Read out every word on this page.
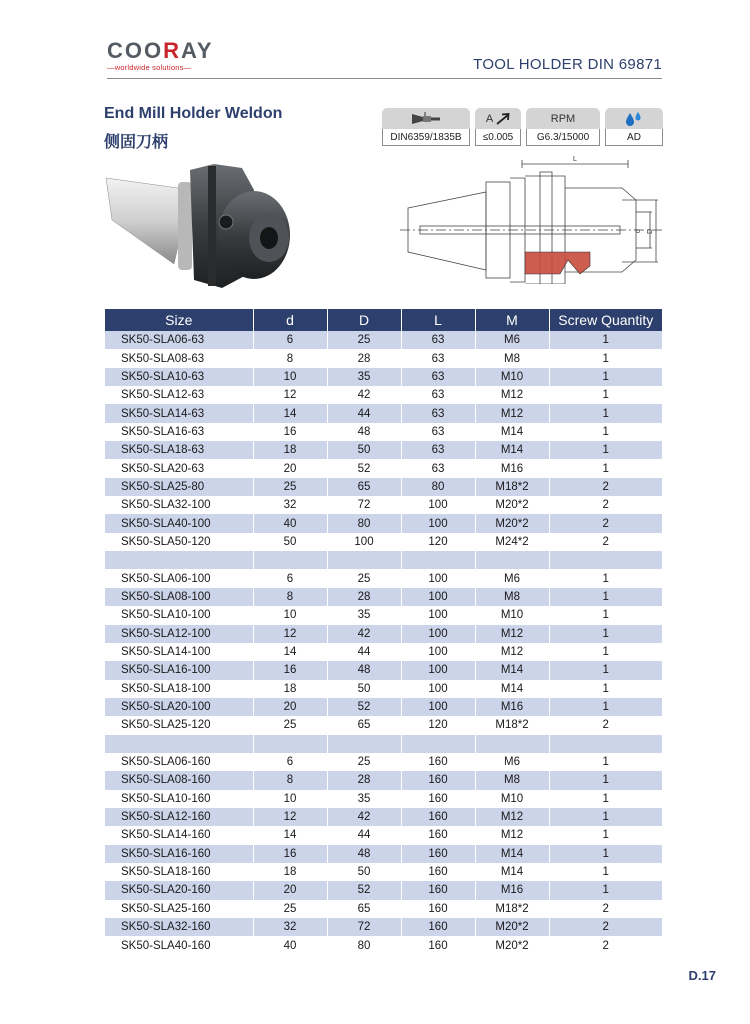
COORAY
—worldwide solutions—	TOOL HOLDER DIN 69871
End Mill Holder Weldon
侧固刀柄	DIN6359/1835B
A
≤0.005
RPM
G6.3/15000	AD
L
d D
Size	d	D	L	M	Screw Quantity
SK50-SLA06-63	6	25	63	M6	1
SK50-SLA08-63	8	28	63	M8	1
SK50-SLA10-63	10	35	63	M10	1
SK50-SLA12-63	12	42	63	M12	1
SK50-SLA14-63	14	44	63	M12	1
SK50-SLA16-63	16	48	63	M14	1
SK50-SLA18-63	18	50	63	M14	1
SK50-SLA20-63	20	52	63	M16	1
SK50-SLA25-80	25	65	80	M18*2	2
SK50-SLA32-100	32	72	100	M20*2	2
SK50-SLA40-100	40	80	100	M20*2	2
SK50-SLA50-120	50	100	120	M24*2	2

SK50-SLA06-100	6	25	100	M6	1
SK50-SLA08-100	8	28	100	M8	1
SK50-SLA10-100	10	35	100	M10	1
SK50-SLA12-100	12	42	100	M12	1
SK50-SLA14-100	14	44	100	M12	1
SK50-SLA16-100	16	48	100	M14	1
SK50-SLA18-100	18	50	100	M14	1
SK50-SLA20-100	20	52	100	M16	1
SK50-SLA25-120	25	65	120	M18*2	2

SK50-SLA06-160	6	25	160	M6	1
SK50-SLA08-160	8	28	160	M8	1
SK50-SLA10-160	10	35	160	M10	1
SK50-SLA12-160	12	42	160	M12	1
SK50-SLA14-160	14	44	160	M12	1
SK50-SLA16-160	16	48	160	M14	1
SK50-SLA18-160	18	50	160	M14	1
SK50-SLA20-160	20	52	160	M16	1
SK50-SLA25-160	25	65	160	M18*2	2
SK50-SLA32-160	32	72	160	M20*2	2
SK50-SLA40-160	40	80	160	M20*2	2
D.17
